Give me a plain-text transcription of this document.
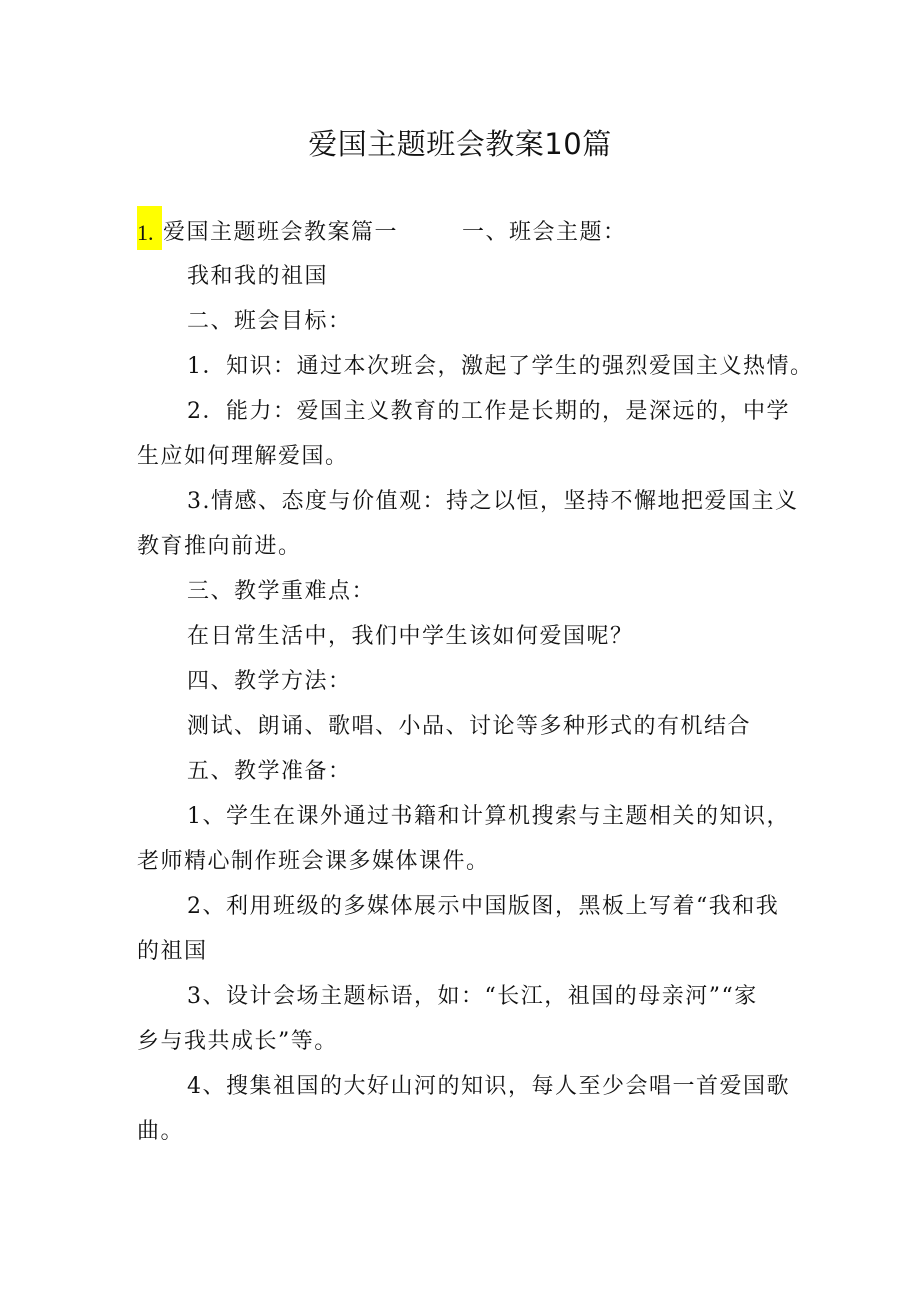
爱国主题班会教案10篇
1. 爱国主题班会教案篇一	一、班会主题：
我和我的祖国
二、班会目标：
1．知识：通过本次班会，激起了学生的强烈爱国主义热情。
2．能力：爱国主义教育的工作是长期的，是深远的，中学
生应如何理解爱国。
3.情感、态度与价值观：持之以恒，坚持不懈地把爱国主义
教育推向前进。
三、教学重难点：
在日常生活中，我们中学生该如何爱国呢？
四、教学方法：
测试、朗诵、歌唱、小品、讨论等多种形式的有机结合
五、教学准备：
1、学生在课外通过书籍和计算机搜索与主题相关的知识，
老师精心制作班会课多媒体课件。
2、利用班级的多媒体展示中国版图，黑板上写着“我和我
的祖国
3、设计会场主题标语，如：“长江，祖国的母亲河”“家
乡与我共成长”等。
4、搜集祖国的大好山河的知识，每人至少会唱一首爱国歌
曲。
